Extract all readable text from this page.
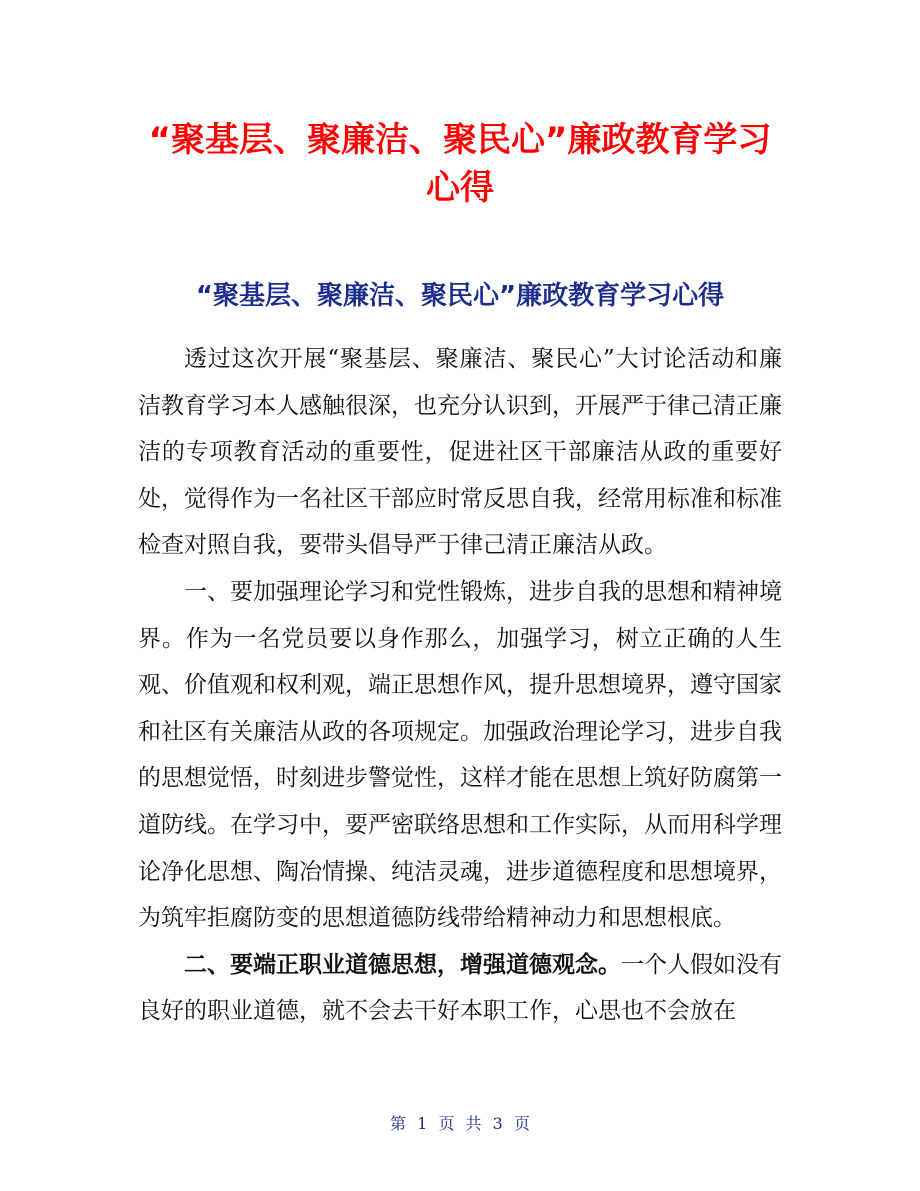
“聚基层、聚廉洁、聚民心”廉政教育学习心得
“聚基层、聚廉洁、聚民心”廉政教育学习心得

透过这次开展“聚基层、聚廉洁、聚民心”大讨论活动和廉洁教育学习本人感触很深，也充分认识到，开展严于律己清正廉洁的专项教育活动的重要性，促进社区干部廉洁从政的重要好处，觉得作为一名社区干部应时常反思自我，经常用标准和标准检查对照自我，要带头倡导严于律己清正廉洁从政。

一、要加强理论学习和党性锻炼，进步自我的思想和精神境界。作为一名党员要以身作那么，加强学习，树立正确的人生观、价值观和权利观，端正思想作风，提升思想境界，遵守国家和社区有关廉洁从政的各项规定。加强政治理论学习，进步自我的思想觉悟，时刻进步警觉性，这样才能在思想上筑好防腐第一道防线。在学习中，要严密联络思想和工作实际，从而用科学理论净化思想、陶冶情操、纯洁灵魂，进步道德程度和思想境界，为筑牢拒腐防变的思想道德防线带给精神动力和思想根底。

二、要端正职业道德思想，增强道德观念。一个人假如没有良好的职业道德，就不会去干好本职工作，心思也不会放在

第 1 页 共 3 页
